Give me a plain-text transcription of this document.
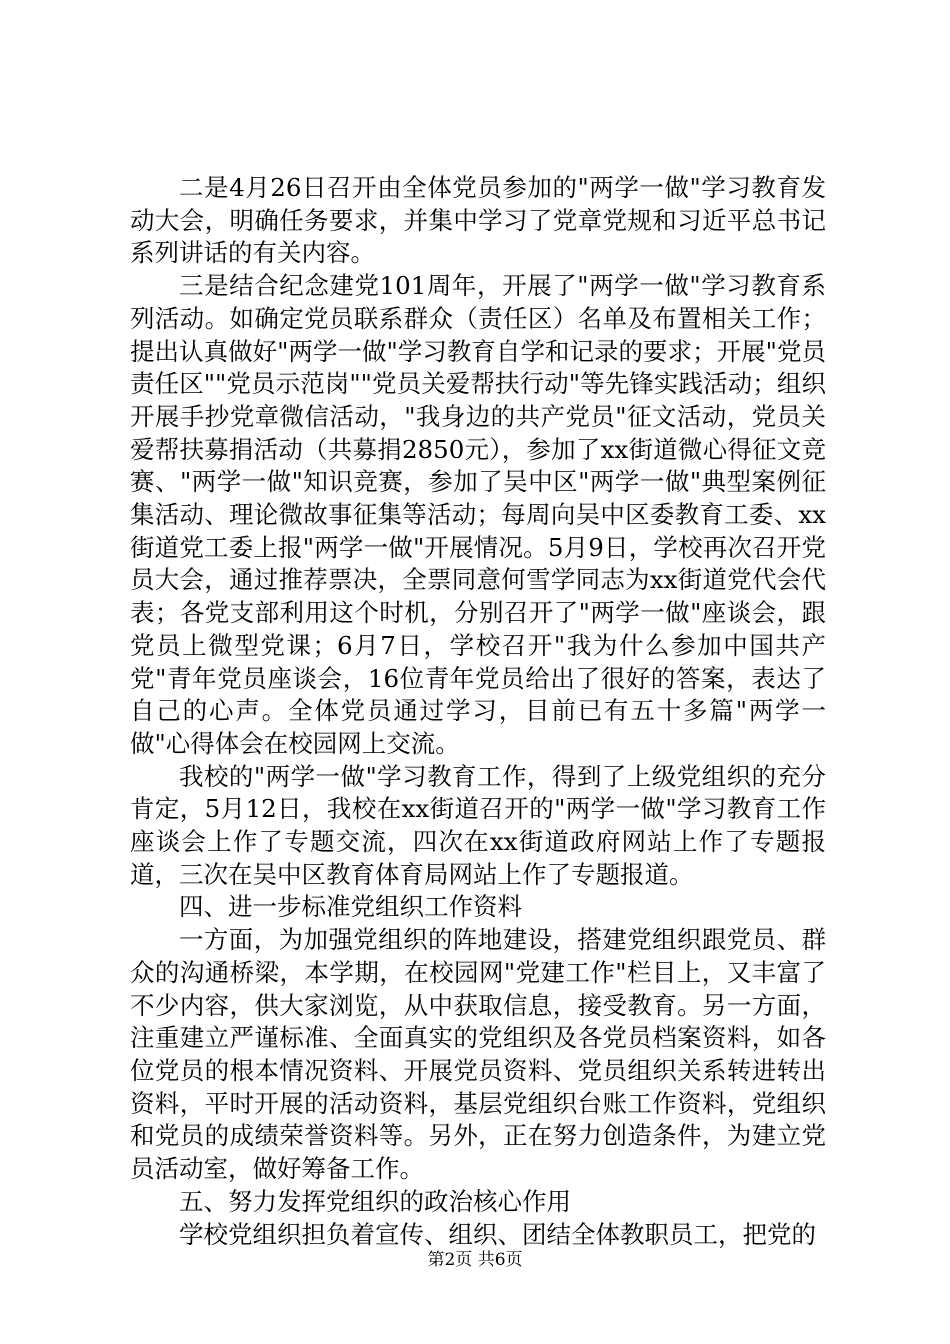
二是4月26日召开由全体党员参加的"两学一做"学习教育发动大会，明确任务要求，并集中学习了党章党规和习近平总书记系列讲话的有关内容。

三是结合纪念建党101周年，开展了"两学一做"学习教育系列活动。如确定党员联系群众（责任区）名单及布置相关工作；提出认真做好"两学一做"学习教育自学和记录的要求；开展"党员责任区""党员示范岗""党员关爱帮扶行动"等先锋实践活动；组织开展手抄党章微信活动，"我身边的共产党员"征文活动，党员关爱帮扶募捐活动（共募捐2850元），参加了xx街道微心得征文竞赛、"两学一做"知识竞赛，参加了吴中区"两学一做"典型案例征集活动、理论微故事征集等活动；每周向吴中区委教育工委、xx街道党工委上报"两学一做"开展情况。5月9日，学校再次召开党员大会，通过推荐票决，全票同意何雪学同志为xx街道党代会代表；各党支部利用这个时机，分别召开了"两学一做"座谈会，跟党员上微型党课；6月7日，学校召开"我为什么参加中国共产党"青年党员座谈会，16位青年党员给出了很好的答案，表达了自己的心声。全体党员通过学习，目前已有五十多篇"两学一做"心得体会在校园网上交流。

我校的"两学一做"学习教育工作，得到了上级党组织的充分肯定，5月12日，我校在xx街道召开的"两学一做"学习教育工作座谈会上作了专题交流，四次在xx街道政府网站上作了专题报道，三次在吴中区教育体育局网站上作了专题报道。

四、进一步标准党组织工作资料

一方面，为加强党组织的阵地建设，搭建党组织跟党员、群众的沟通桥梁，本学期，在校园网"党建工作"栏目上，又丰富了不少内容，供大家浏览，从中获取信息，接受教育。另一方面，注重建立严谨标准、全面真实的党组织及各党员档案资料，如各位党员的根本情况资料、开展党员资料、党员组织关系转进转出资料，平时开展的活动资料，基层党组织台账工作资料，党组织和党员的成绩荣誉资料等。另外，正在努力创造条件，为建立党员活动室，做好筹备工作。

五、努力发挥党组织的政治核心作用

学校党组织担负着宣传、组织、团结全体教职员工，把党的

第2页 共6页
